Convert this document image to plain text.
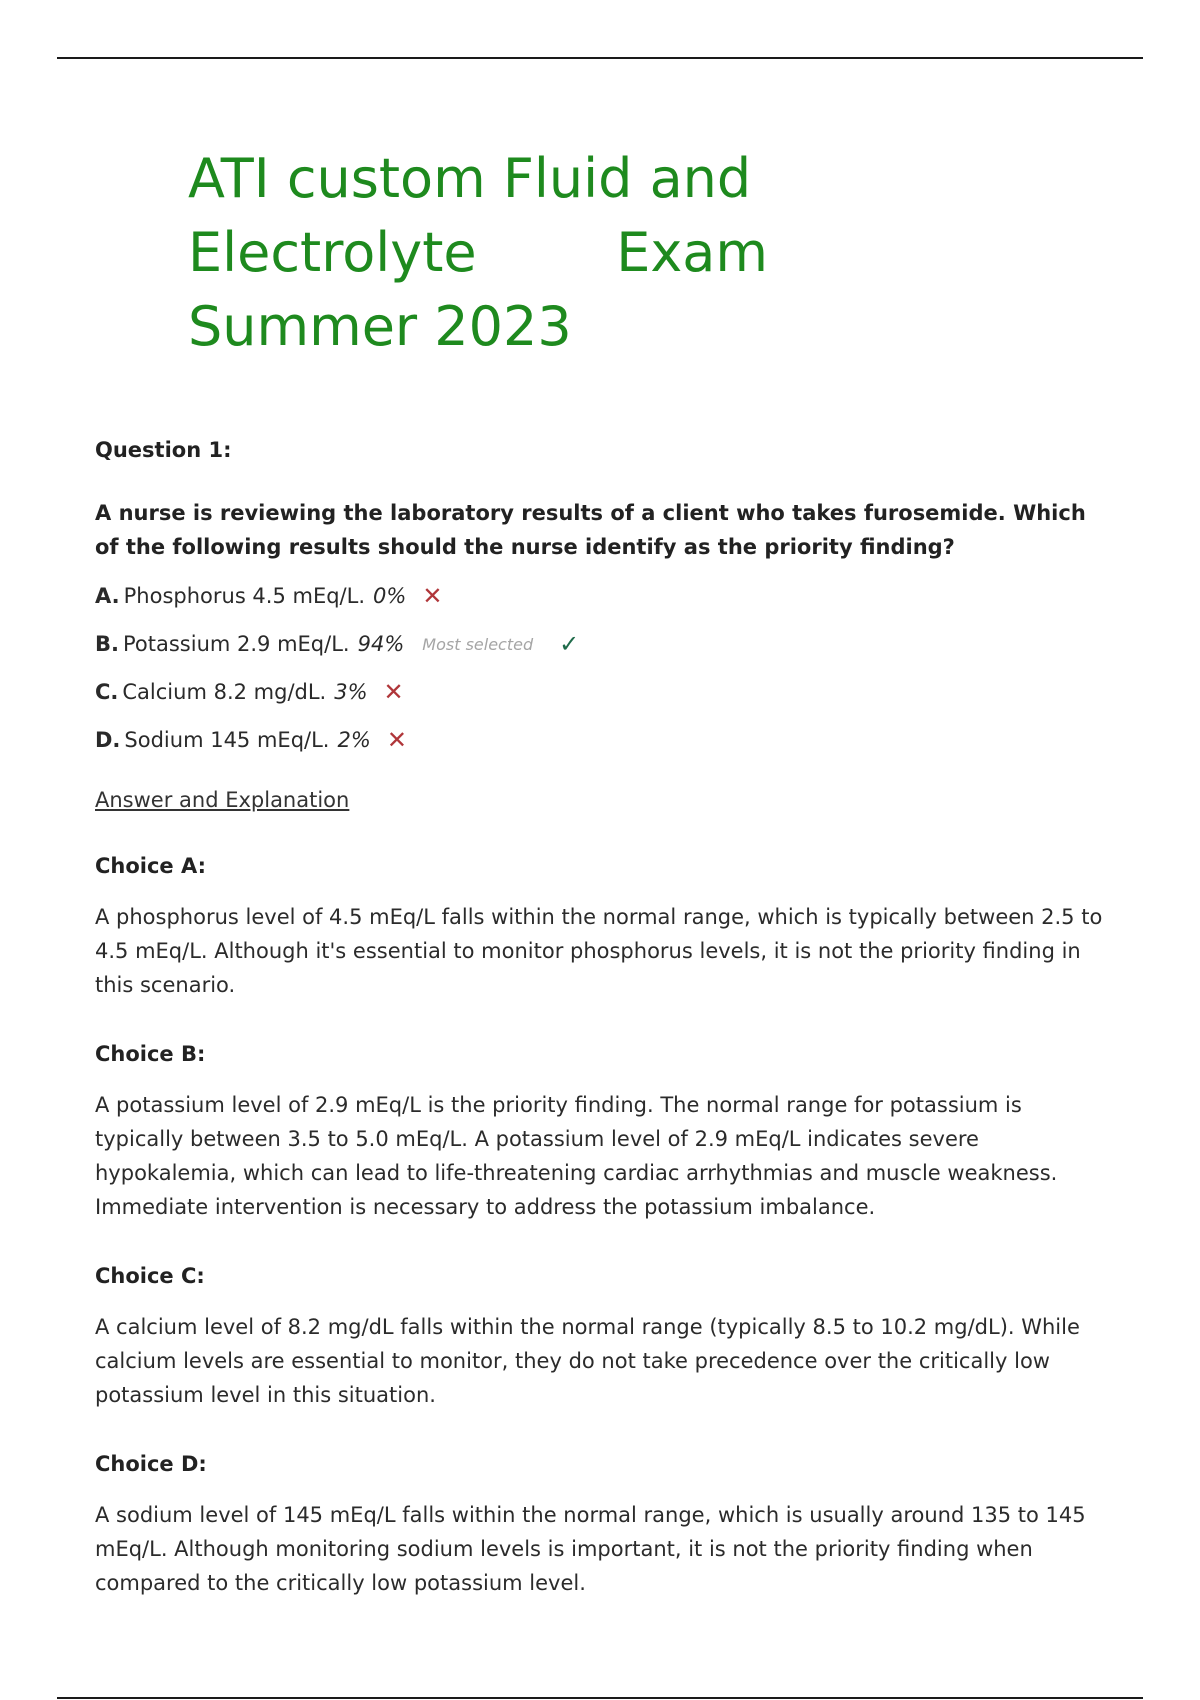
ATI custom Fluid and
Electrolyte	Exam
Summer 2023
Question 1:

A nurse is reviewing the laboratory results of a client who takes furosemide. Which of the following results should the nurse identify as the priority finding?

A. Phosphorus 4.5 mEq/L. 0% ✕
B. Potassium 2.9 mEq/L. 94% Most selected ✓
C. Calcium 8.2 mg/dL. 3% ✕
D. Sodium 145 mEq/L. 2% ✕
Answer and Explanation
Choice A:

A phosphorus level of 4.5 mEq/L falls within the normal range, which is typically between 2.5 to 4.5 mEq/L. Although it's essential to monitor phosphorus levels, it is not the priority finding in this scenario.

Choice B:

A potassium level of 2.9 mEq/L is the priority finding. The normal range for potassium is typically between 3.5 to 5.0 mEq/L. A potassium level of 2.9 mEq/L indicates severe hypokalemia, which can lead to life-threatening cardiac arrhythmias and muscle weakness. Immediate intervention is necessary to address the potassium imbalance.

Choice C:

A calcium level of 8.2 mg/dL falls within the normal range (typically 8.5 to 10.2 mg/dL). While calcium levels are essential to monitor, they do not take precedence over the critically low potassium level in this situation.

Choice D:

A sodium level of 145 mEq/L falls within the normal range, which is usually around 135 to 145 mEq/L. Although monitoring sodium levels is important, it is not the priority finding when compared to the critically low potassium level.
